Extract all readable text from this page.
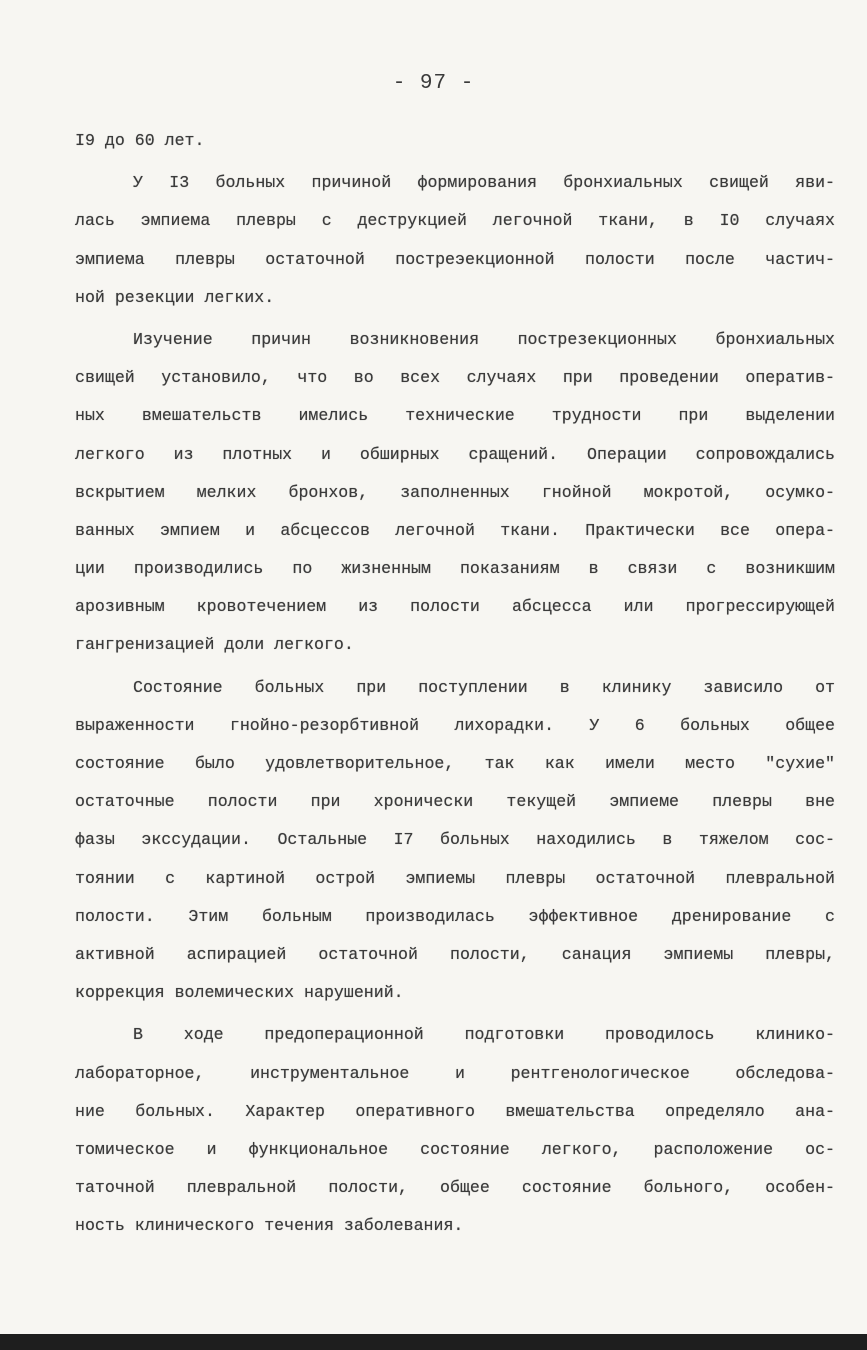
- 97 -
I9 до 60 лет.
У I3 больных причиной формирования бронхиальных свищей яви-
лась эмпиема плевры с деструкцией легочной ткани, в I0 случаях
эмпиема плевры остаточной постреэекционной полости после частич-
ной резекции легких.
Изучение причин возникновения пострезекционных бронхиальных
свищей установило, что во всех случаях при проведении оператив-
ных вмешательств имелись технические трудности при выделении
легкого из плотных и обширных сращений. Операции сопровождались
вскрытием мелких бронхов, заполненных гнойной мокротой, осумко-
ванных эмпием и абсцессов легочной ткани. Практически все опера-
ции производились по жизненным показаниям в связи с возникшим
арозивным кровотечением из полости абсцесса или прогрессирующей
гангренизацией доли легкого.
Состояние больных при поступлении в клинику зависило от
выраженности гнойно-резорбтивной лихорадки. У 6 больных общее
состояние было удовлетворительное, так как имели место "сухие"
остаточные полости при хронически текущей эмпиеме плевры вне
фазы экссудации. Остальные I7 больных находились в тяжелом сос-
тоянии с картиной острой эмпиемы плевры остаточной плевральной
полости. Этим больным производилась эффективное дренирование с
активной аспирацией остаточной полости, санация эмпиемы плевры,
коррекция волемических нарушений.
В ходе предоперационной подготовки проводилось клинико-
лабораторное, инструментальное и рентгенологическое обследова-
ние больных. Характер оперативного вмешательства определяло ана-
томическое и функциональное состояние легкого, расположение ос-
таточной плевральной полости, общее состояние больного, особен-
ность клинического течения заболевания.
